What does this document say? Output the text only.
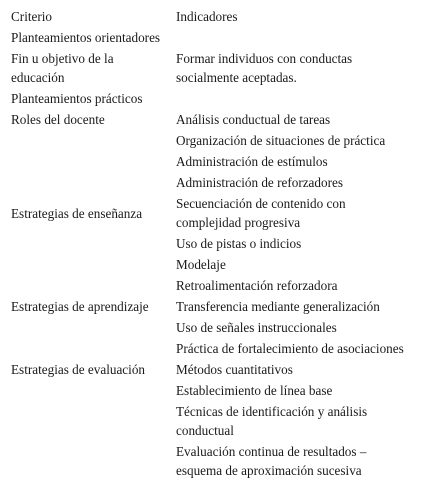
Criterio	Indicadores
Planteamientos orientadores
Fin u objetivo de la
educación
Formar individuos con conductas
socialmente aceptadas.
Planteamientos prácticos
Roles del docente	Análisis conductual de tareas
Organización de situaciones de práctica
Administración de estímulos
Administración de reforzadores
Estrategias de enseñanza
Secuenciación de contenido con
complejidad progresiva
Uso de pistas o indicios
Modelaje
Retroalimentación reforzadora
Estrategias de aprendizaje Transferencia mediante generalización
Uso de señales instruccionales
Práctica de fortalecimiento de asociaciones
Estrategias de evaluación Métodos cuantitativos
Establecimiento de línea base
Técnicas de identificación y análisis
conductual
Evaluación continua de resultados –
esquema de aproximación sucesiva
